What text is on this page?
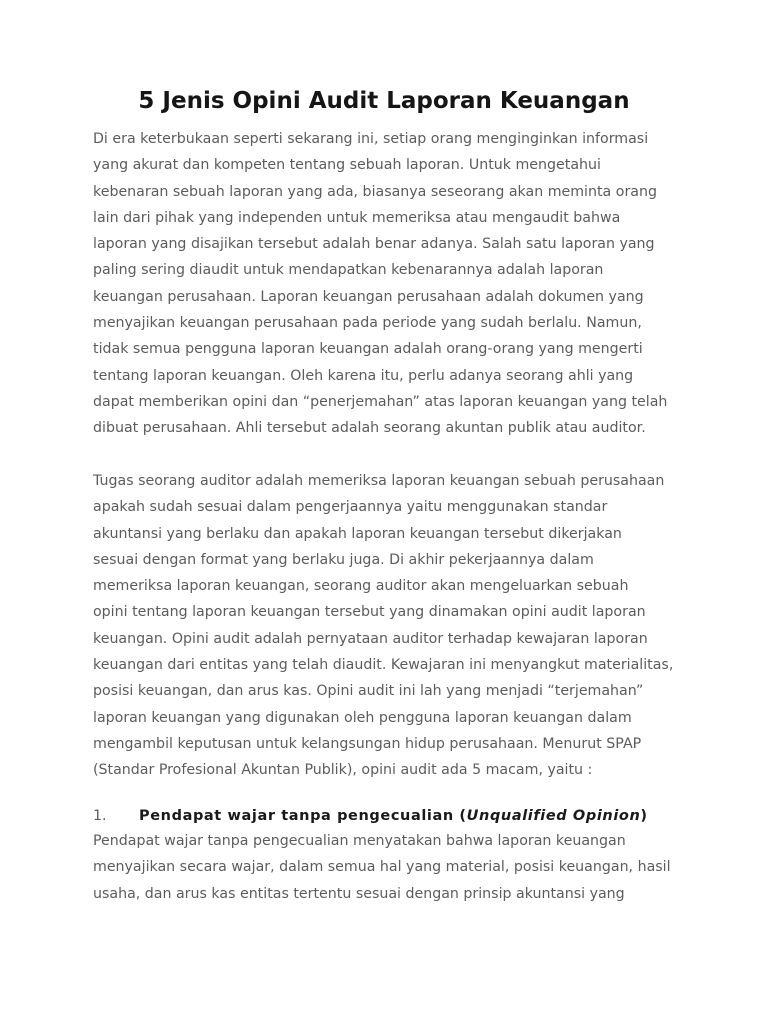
5 Jenis Opini Audit Laporan Keuangan
Di era keterbukaan seperti sekarang ini, setiap orang menginginkan informasi
yang akurat dan kompeten tentang sebuah laporan. Untuk mengetahui
kebenaran sebuah laporan yang ada, biasanya seseorang akan meminta orang
lain dari pihak yang independen untuk memeriksa atau mengaudit bahwa
laporan yang disajikan tersebut adalah benar adanya. Salah satu laporan yang
paling sering diaudit untuk mendapatkan kebenarannya adalah laporan
keuangan perusahaan. Laporan keuangan perusahaan adalah dokumen yang
menyajikan keuangan perusahaan pada periode yang sudah berlalu. Namun,
tidak semua pengguna laporan keuangan adalah orang-orang yang mengerti
tentang laporan keuangan. Oleh karena itu, perlu adanya seorang ahli yang
dapat memberikan opini dan “penerjemahan” atas laporan keuangan yang telah
dibuat perusahaan. Ahli tersebut adalah seorang akuntan publik atau auditor.
Tugas seorang auditor adalah memeriksa laporan keuangan sebuah perusahaan
apakah sudah sesuai dalam pengerjaannya yaitu menggunakan standar
akuntansi yang berlaku dan apakah laporan keuangan tersebut dikerjakan
sesuai dengan format yang berlaku juga. Di akhir pekerjaannya dalam
memeriksa laporan keuangan, seorang auditor akan mengeluarkan sebuah
opini tentang laporan keuangan tersebut yang dinamakan opini audit laporan
keuangan. Opini audit adalah pernyataan auditor terhadap kewajaran laporan
keuangan dari entitas yang telah diaudit. Kewajaran ini menyangkut materialitas,
posisi keuangan, dan arus kas. Opini audit ini lah yang menjadi “terjemahan”
laporan keuangan yang digunakan oleh pengguna laporan keuangan dalam
mengambil keputusan untuk kelangsungan hidup perusahaan. Menurut SPAP
(Standar Profesional Akuntan Publik), opini audit ada 5 macam, yaitu :
1. Pendapat wajar tanpa pengecualian (Unqualified Opinion)
Pendapat wajar tanpa pengecualian menyatakan bahwa laporan keuangan
menyajikan secara wajar, dalam semua hal yang material, posisi keuangan, hasil
usaha, dan arus kas entitas tertentu sesuai dengan prinsip akuntansi yang
